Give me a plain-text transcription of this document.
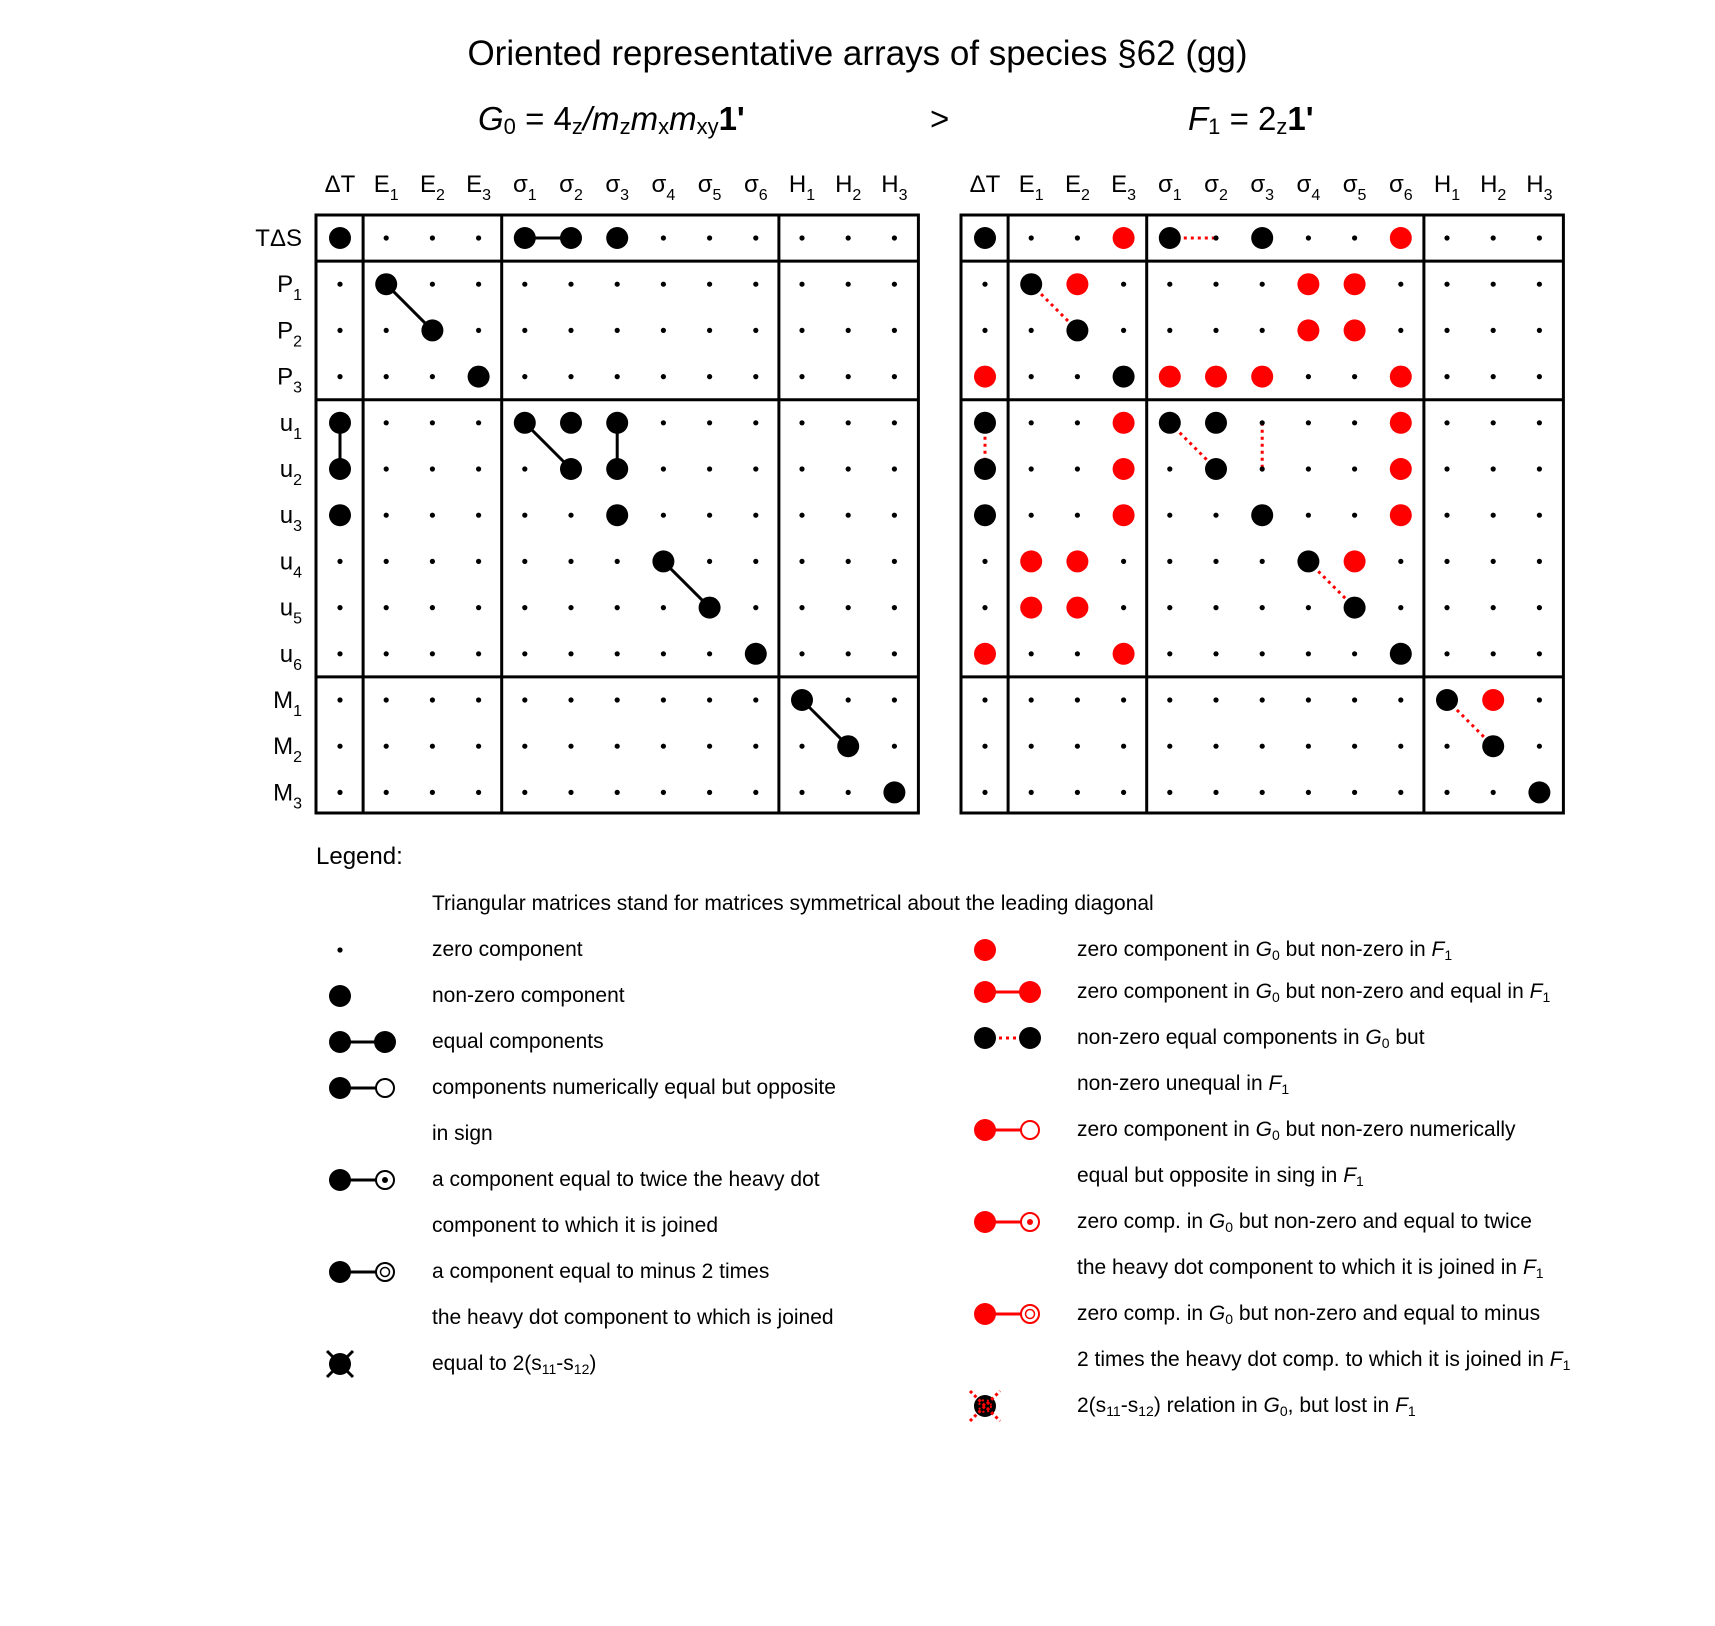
Oriented representative arrays of species §62 (gg)
$G_0 = 4_z/m_zm_xm_{xy}1'$	>	$F_1 = 2_z1'$
ΔT $E_1$ $E_2$ $E_3$ $\sigma_1$ $\sigma_2$ $\sigma_3$ $\sigma_4$ $\sigma_5$ $\sigma_6$ $H_1$ $H_2$ $H_3$
TΔS
$P_1$
$P_2$
$P_3$
$u_1$
$u_2$
$u_3$
$u_4$
$u_5$
$u_6$
$M_1$
$M_2$
$M_3$
ΔT $E_1$ $E_2$ $E_3$ $\sigma_1$ $\sigma_2$ $\sigma_3$ $\sigma_4$ $\sigma_5$ $\sigma_6$ $H_1$ $H_2$ $H_3$
Legend:
Triangular matrices stand for matrices symmetrical about the leading diagonal
zero component
non-zero component
equal components
components numerically equal but opposite
in sign
a component equal to twice the heavy dot
component to which it is joined
a component equal to minus 2 times
the heavy dot component to which is joined
equal to $2(s_{11}-s_{12})$
zero component in $G_0$ but non-zero in $F_1$
zero component in $G_0$ but non-zero and equal in $F_1$
non-zero equal components in $G_0$ but
non-zero unequal in $F_1$
zero component in $G_0$ but non-zero numerically
equal but opposite in sing in $F_1$
zero comp. in $G_0$ but non-zero and equal to twice
the heavy dot component to which it is joined in $F_1$
zero comp. in $G_0$ but non-zero and equal to minus
2 times the heavy dot comp. to which it is joined in $F_1$
$2(s_{11}-s_{12})$ relation in $G_0$, but lost in $F_1$
